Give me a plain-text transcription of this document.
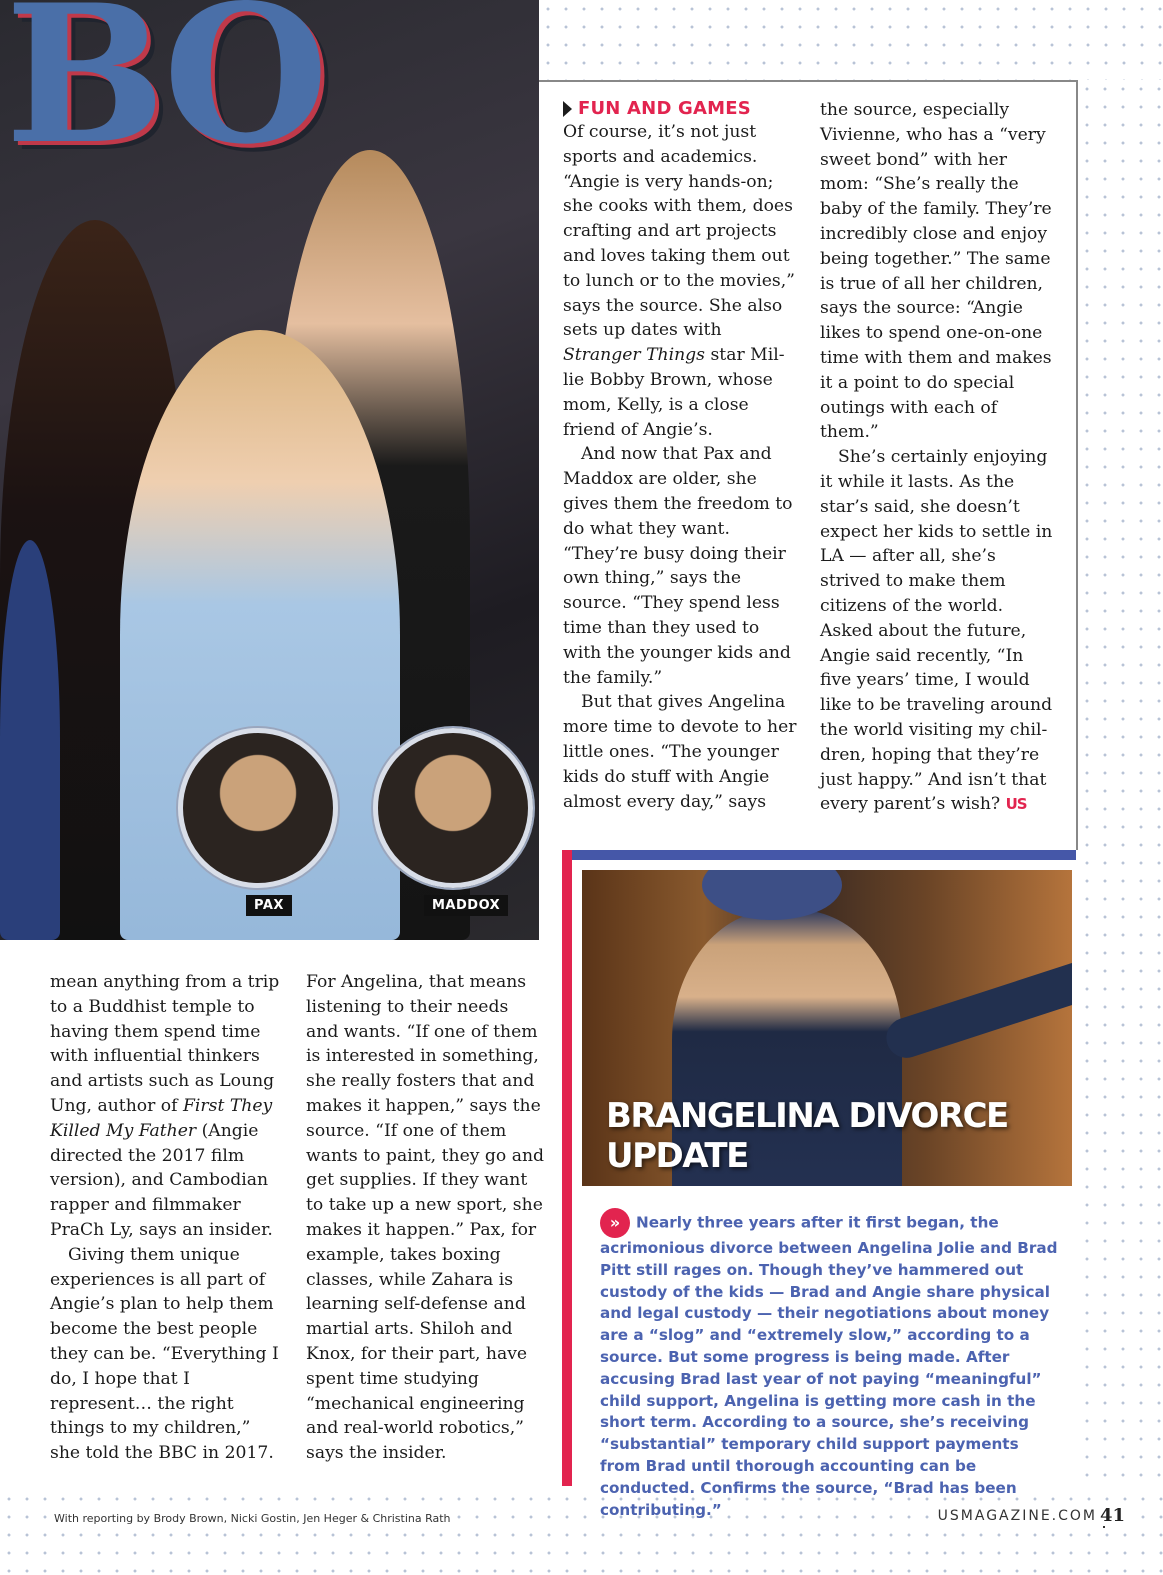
BO
PAX	MADDOX
FUN AND GAMES

Of course, it’s not just sports and academics. “Angie is very hands-on; she cooks with them, does crafting and art projects and loves taking them out to lunch or to the movies,” says the source. She also sets up dates with Stranger Things star Millie Bobby Brown, whose mom, Kelly, is a close friend of Angie’s.

And now that Pax and Maddox are older, she gives them the freedom to do what they want. “They’re busy doing their own thing,” says the source. “They spend less time than they used to with the younger kids and the family.”

But that gives Angelina more time to devote to her little ones. “The younger kids do stuff with Angie almost every day,” says

the source, especially Vivienne, who has a “very sweet bond” with her mom: “She’s really the baby of the family. They’re incredibly close and enjoy being together.” The same is true of all her children, says the source: “Angie likes to spend one-on-one time with them and makes it a point to do special outings with each of them.”

She’s certainly enjoying it while it lasts. As the star’s said, she doesn’t expect her kids to settle in LA — after all, she’s strived to make them citizens of the world. Asked about the future, Angie said recently, “In five years’ time, I would like to be traveling around the world visiting my children, hoping that they’re just happy.” And isn’t that every parent’s wish? US

mean anything from a trip to a Buddhist temple to having them spend time with influential thinkers and artists such as Loung Ung, author of First They Killed My Father (Angie directed the 2017 film version), and Cambodian rapper and filmmaker PraCh Ly, says an insider.

Giving them unique experiences is all part of Angie’s plan to help them become the best people they can be. “Everything I do, I hope that I represent… the right things to my children,” she told the BBC in 2017.

For Angelina, that means listening to their needs and wants. “If one of them is interested in something, she really fosters that and makes it happen,” says the source. “If one of them wants to paint, they go and get supplies. If they want to take up a new sport, she makes it happen.” Pax, for example, takes boxing classes, while Zahara is learning self-defense and martial arts. Shiloh and Knox, for their part, have spent time studying “mechanical engineering and real-world robotics,” says the insider.

BRANGELINA DIVORCE UPDATE
» Nearly three years after it first began, the acrimonious divorce between Angelina Jolie and Brad Pitt still rages on. Though they’ve hammered out custody of the kids — Brad and Angie share physical and legal custody — their negotiations about money are a “slog” and “extremely slow,” according to a source. But some progress is being made. After accusing Brad last year of not paying “meaningful” child support, Angelina is getting more cash in the short term. According to a source, she’s receiving “substantial” temporary child support payments from Brad until thorough accounting can be conducted. Confirms the source, “Brad has been contributing.”
With reporting by Brody Brown, Nicki Gostin, Jen Heger & Christina Rath	USMAGAZINE.COM 41
